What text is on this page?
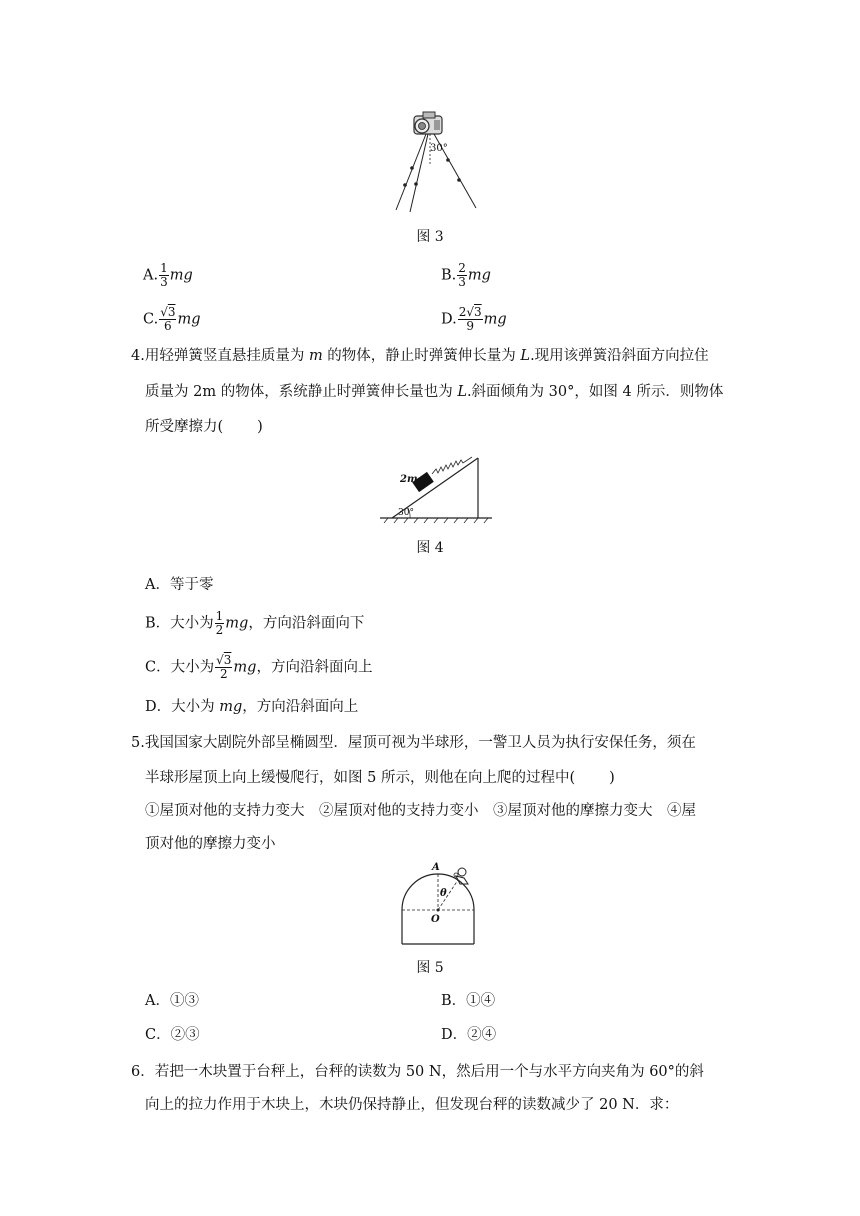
30°
图 3
A. $\frac{1}{3}$ mg	B. $\frac{2}{3}$ mg
C. $\frac{√3}{6}$ mg	D. $\frac{2√3}{9}$ mg
4.用轻弹簧竖直悬挂质量为 m 的物体，静止时弹簧伸长量为 L.现用该弹簧沿斜面方向拉住
质量为 2m 的物体，系统静止时弹簧伸长量也为 L.斜面倾角为 30°，如图 4 所示．则物体
所受摩擦力( )
2m
30°
图 4
A．等于零
B．大小为 $\frac{1}{2}$ mg，方向沿斜面向下
C．大小为 $\frac{√3}{2}$ mg，方向沿斜面向上
D．大小为 mg，方向沿斜面向上
5.我国国家大剧院外部呈椭圆型．屋顶可视为半球形，一警卫人员为执行安保任务，须在
半球形屋顶上向上缓慢爬行，如图 5 所示，则他在向上爬的过程中( )
①屋顶对他的支持力变大　②屋顶对他的支持力变小　③屋顶对他的摩擦力变大　④屋
顶对他的摩擦力变小
A
θ
O
图 5
A．①③	B．①④
C．②③	D．②④
6．若把一木块置于台秤上，台秤的读数为 50 N，然后用一个与水平方向夹角为 60°的斜
向上的拉力作用于木块上，木块仍保持静止，但发现台秤的读数减少了 20 N．求：
